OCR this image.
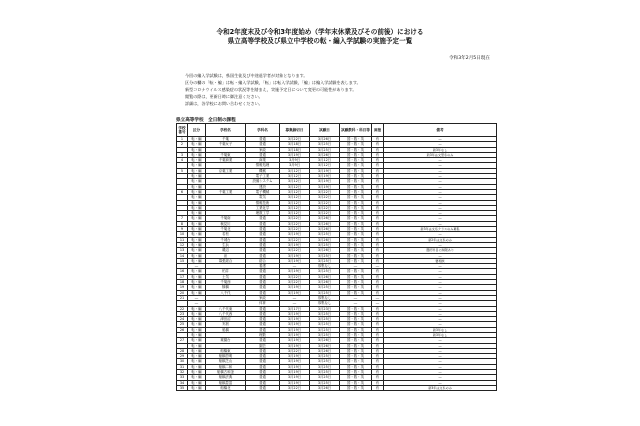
令和2年度末及び令和3年度始め（学年末休業及びその前後）における
県立高等学校及び県立中学校の転・編入学試験の実施予定一覧
令和3年2月5日現在
今回の編入学試験は，県国生徒及び中途退学者が対象となります。
区分の欄の「転・編」は転・編入学試験，「転」は転入学試験，「編」は編入学試験を表します。
新型コロナウイルス感染症の状況等を踏まえ，実施予定日について変更の可能性があります。
閲覧の際は，更新日時に御注意ください。
詳細は，各学校にお問い合わせください。
県立高等学校　全日制の課程
学校番号	区分	学校名	学科名	募集締切日	試験日	試験教科・科目等	面接	備考
1	転・編	千葉	普通	3月22日	3月26日	国・数・英	有	―
2	転・編	千葉女子	普通	3月18日	3月25日	国・数・英	有	―
	転・編		家政	3月18日	3月25日	国・数・英	有	新3年なし
3	転・編	千葉東	普通	3月19日	3月26日	国・数・英	有	新3年は文型系のみ
4	転・編	千葉商業	商業	3月9日	3月12日	国・数・英	有	―
	転・編		情報処理	3月9日	3月12日	国・数・英	有	―
5	転・編	京葉工業	機械	3月12日	3月19日	国・数・英	有	―
	転・編		電子工業	3月12日	3月19日	国・数・英	有	―
	転・編		設備システム	3月12日	3月19日	国・数・英	有	―
	転・編		建設	3月12日	3月19日	国・数・英	有	―
6	転・編	千葉工業	電子機械	3月12日	3月22日	国・数・英	有	―
	転・編		電気	3月12日	3月22日	国・数・英	有	―
	転・編		情報技術	3月12日	3月22日	国・数・英	有	―
	転・編		工業化学	3月12日	3月22日	国・数・英	有	―
	転・編		理数工学	3月12日	3月22日	国・数・英	有	―
7	転・編	千葉南	普通	3月22日	3月26日	国・数・英	有	―
8	転・編	検見川	普通	3月22日	3月26日	国・数・英	有	―
9	転・編	千葉北	普通	3月22日	3月26日	国・数・英	有	新3年は文系クラスのみ募集
10	転・編	若松	普通	3月19日	3月25日	国・数・英	有	―
11	転・編	千城台	普通	3月22日	3月26日	国・数・英	有	新2年は文系のみ
12	転・編	生浜	普通	3月19日	3月25日	国・数・英	有	―
13	転・編	磯辺	普通	3月22日	3月26日	国・数・英	有	選択科目に制限あり
14	転・編	泉	普通	3月19日	3月25日	国・数・英	有	―
15	転・編	幕張総合	総合	3月19日	3月25日	国・数・英	有	要相談
	―		看護	―	募集なし	―	―	―
16	転・編	柏井	普通	3月19日	3月25日	国・数・英	有	―
17	転・編	土気	普通	3月22日	3月26日	国・数・英	有	―
18	転・編	千葉西	普通	3月22日	3月26日	国・数・英	有	―
19	転・編	犢橋	普通	3月19日	3月25日	国・数・英	有	―
20	転・編	八千代	普通	3月19日	3月25日	国・数・英	有	―
21	―		家政	―	募集なし	―	―	―
	―		体育	―	募集なし	―	―	―
22	転・編	八千代東	普通	3月17日	3月23日	国・数・英	有	―
23	転・編	八千代西	普通	3月19日	3月25日	国・数・英	有	―
24	転・編	津田沼	普通	3月19日	3月25日	国・数・英	有	―
25	転・編	実籾	普通	3月19日	3月25日	国・数・英	有	―
26	転・編	船橋	普通	3月19日	3月25日	国・数・英	有	新3年なし
	転・編		理数	3月19日	3月25日	国・数・英	有	新3年なし
27	転・編	薬園台	普通	3月19日	3月26日	国・数・英	有	―
	転・編		園芸	3月19日	3月26日	国・数・英	有	―
28	転・編	船橋東	普通	3月22日	3月26日	国・数・英	有	―
29	転・編	船橋啓明	普通	3月19日	3月25日	国・数・英	有	―
30	転・編	船橋芝山	普通	3月19日	3月25日	国・数・英	有	―
31	転・編	船橋二和	普通	3月19日	3月25日	国・数・英	有	―
32	転・編	船橋古和釜	普通	3月19日	3月25日	国・数・英	有	―
33	転・編	船橋法典	普通	3月19日	3月25日	国・数・英	有	―
34	転・編	船橋豊富	普通	3月19日	3月25日	国・数・英	有	―
35	転・編	船橋北	普通	3月22日	3月26日	国・数・英	有	新3年は文系のみ
